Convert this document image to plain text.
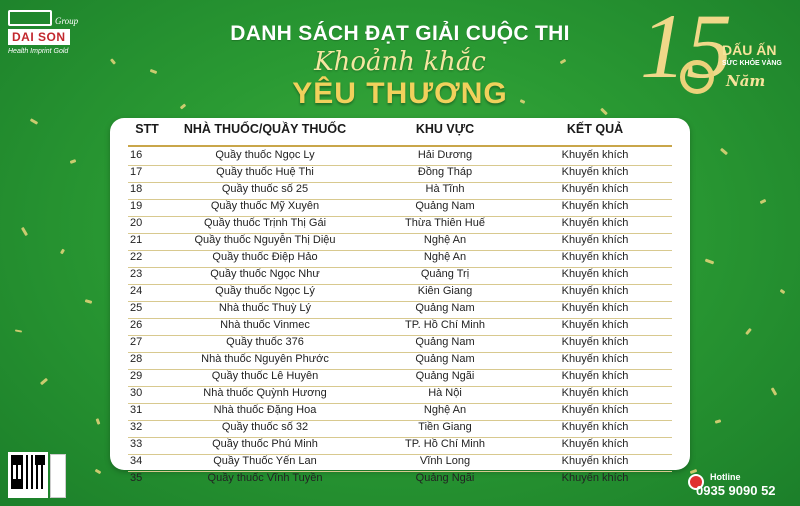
Group
DAI SON
Health Imprint Gold
DANH SÁCH ĐẠT GIẢI CUỘC THI
Khoảnh khắc
YÊU THƯƠNG	15
DẤU ẤN
SỨC KHỎE VÀNG
Năm
STT	NHÀ THUỐC/QUẦY THUỐC	KHU VỰC	KẾT QUẢ
16	Quầy thuốc Ngọc Ly	Hải Dương	Khuyến khích
17	Quầy thuốc Huệ Thi	Đồng Tháp	Khuyến khích
18	Quầy thuốc số 25	Hà Tĩnh	Khuyến khích
19	Quầy thuốc Mỹ Xuyên	Quảng Nam	Khuyến khích
20	Quầy thuốc Trịnh Thị Gái	Thừa Thiên Huế	Khuyến khích
21	Quầy thuốc Nguyễn Thị Diệu	Nghệ An	Khuyến khích
22	Quầy thuốc Điệp Hảo	Nghệ An	Khuyến khích
23	Quầy thuốc Ngọc Như	Quảng Trị	Khuyến khích
24	Quầy thuốc Ngọc Lý	Kiên Giang	Khuyến khích
25	Nhà thuốc Thuỳ Lý	Quảng Nam	Khuyến khích
26	Nhà thuốc Vinmec	TP. Hồ Chí Minh	Khuyến khích
27	Quầy thuốc 376	Quảng Nam	Khuyến khích
28	Nhà thuốc Nguyên Phước	Quảng Nam	Khuyến khích
29	Quầy thuốc Lê Huyên	Quảng Ngãi	Khuyến khích
30	Nhà thuốc Quỳnh Hương	Hà Nội	Khuyến khích
31	Nhà thuốc Đặng Hoa	Nghệ An	Khuyến khích
32	Quầy thuốc số 32	Tiền Giang	Khuyến khích
33	Quầy thuốc Phú Minh	TP. Hồ Chí Minh	Khuyến khích
34	Quầy Thuốc Yến Lan	Vĩnh Long	Khuyến khích
35	Quầy thuốc Vĩnh Tuyền	Quảng Ngãi	Khuyến khích	Hotline
0935 9090 52
